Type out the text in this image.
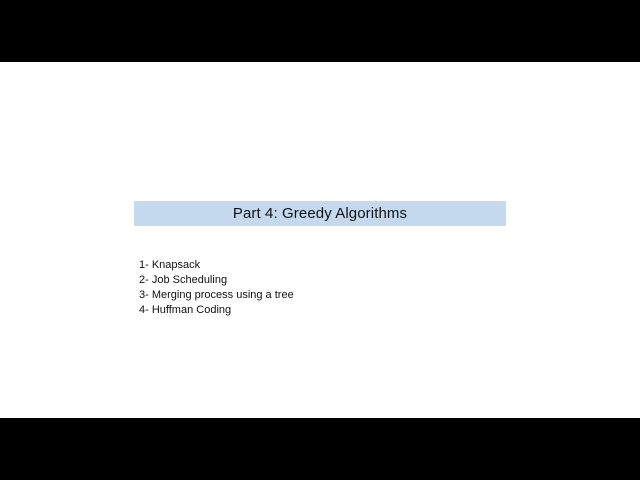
Part 4: Greedy Algorithms
1- Knapsack
2- Job Scheduling
3- Merging process using a tree
4- Huffman Coding
